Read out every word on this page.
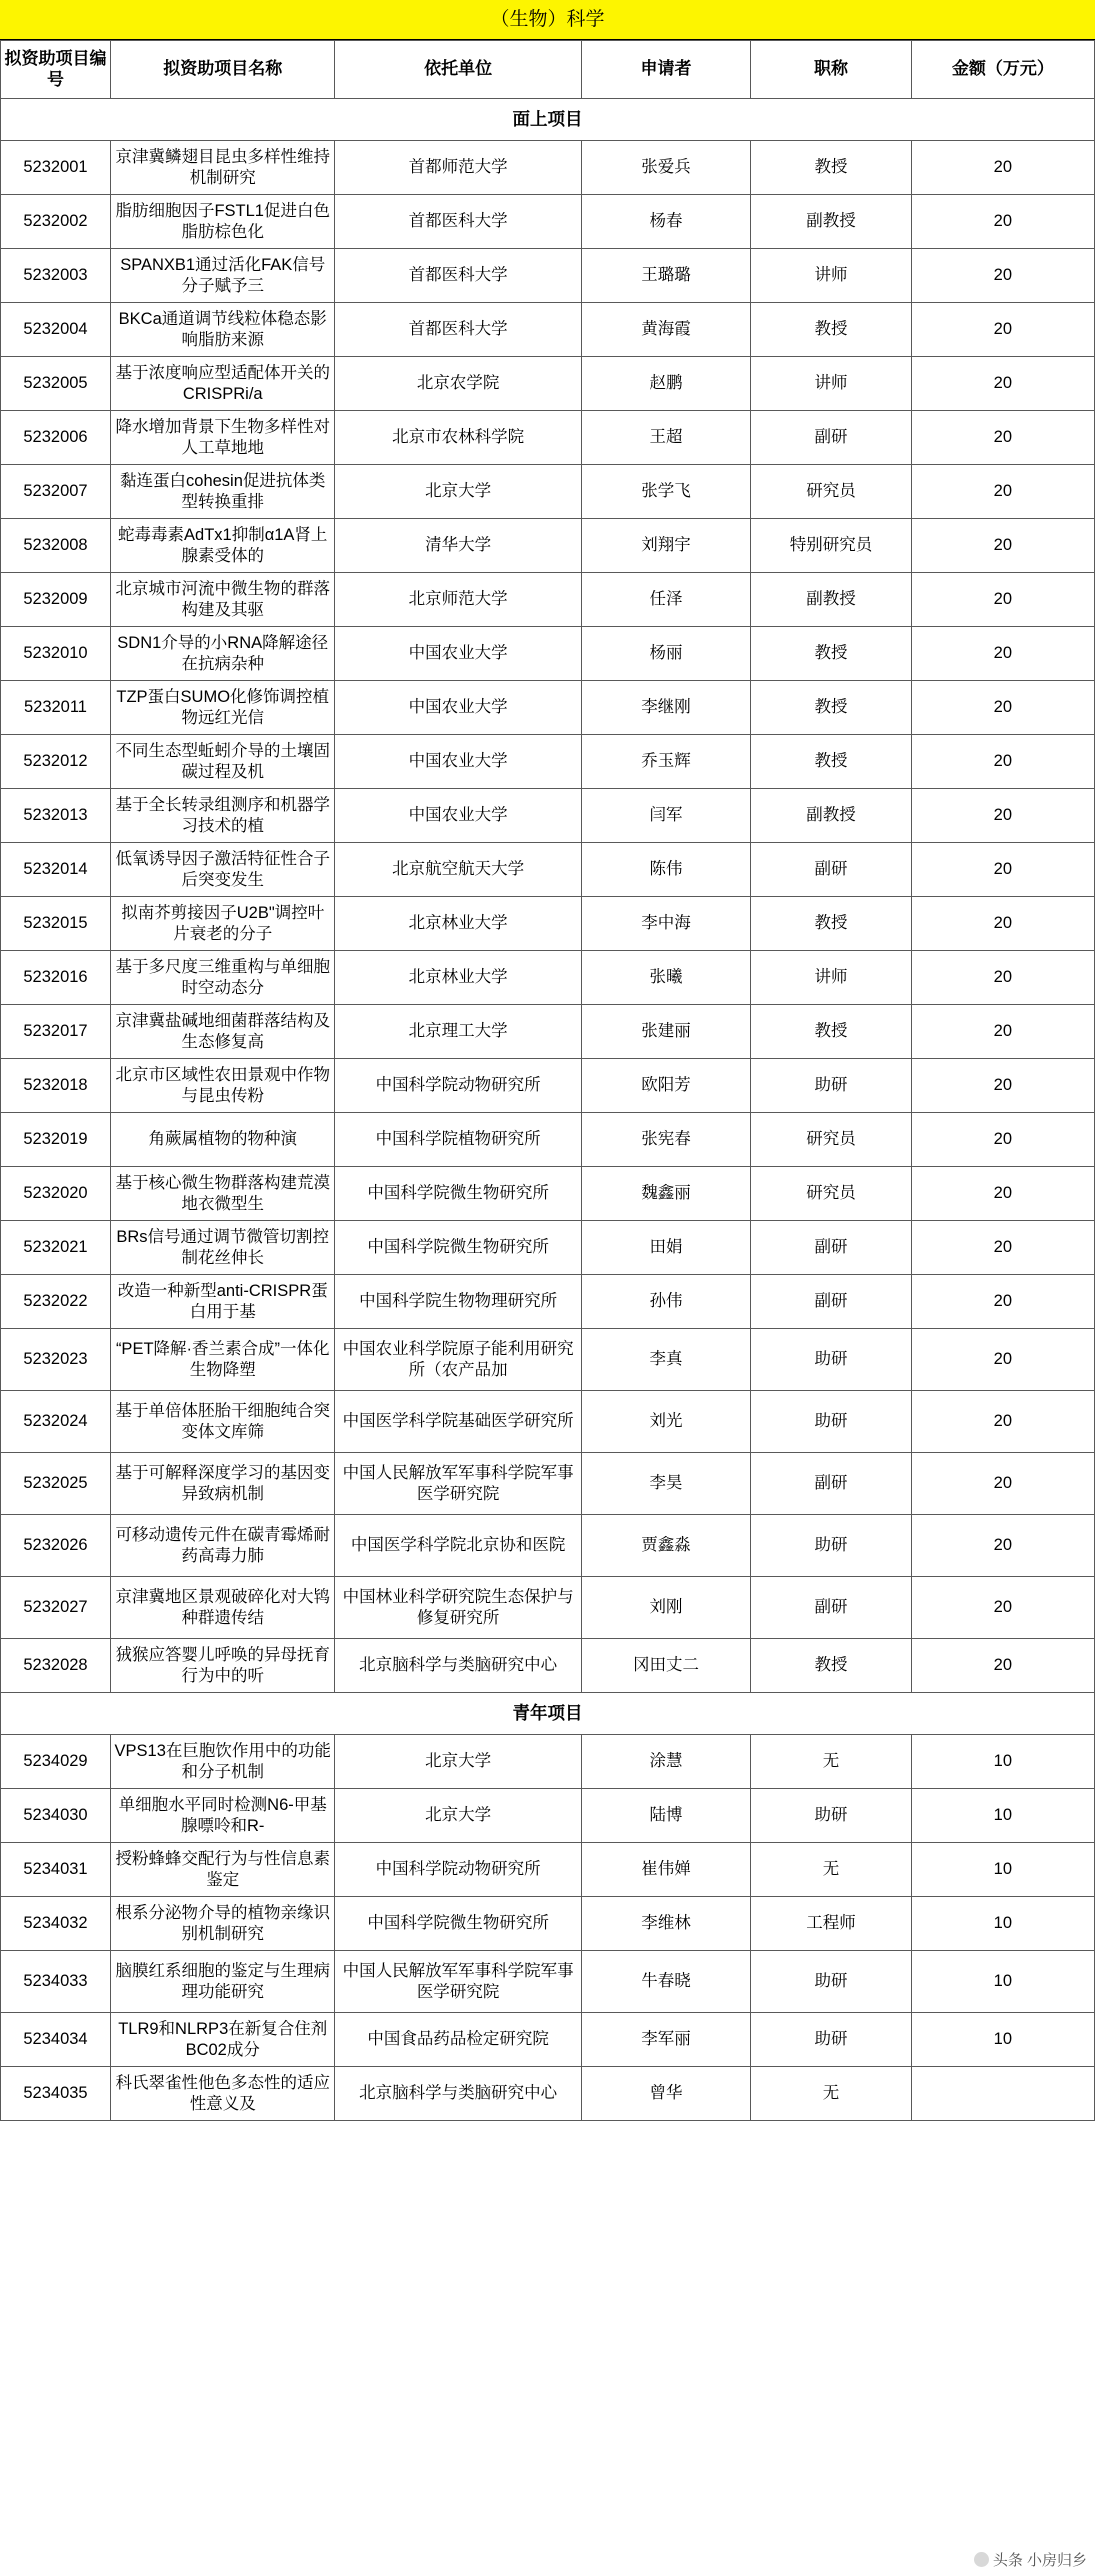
（生物）科学
拟资助项目编号	拟资助项目名称	依托单位	申请者	职称	金额（万元）
面上项目					
5232001	京津冀鳞翅目昆虫多样性维持机制研究	首都师范大学	张爱兵	教授	20
5232002	脂肪细胞因子FSTL1促进白色脂肪棕色化	首都医科大学	杨春	副教授	20
5232003	SPANXB1通过活化FAK信号分子赋予三	首都医科大学	王璐璐	讲师	20
5232004	BKCa通道调节线粒体稳态影响脂肪来源	首都医科大学	黄海霞	教授	20
5232005	基于浓度响应型适配体开关的CRISPRi/a	北京农学院	赵鹏	讲师	20
5232006	降水增加背景下生物多样性对人工草地地	北京市农林科学院	王超	副研	20
5232007	黏连蛋白cohesin促进抗体类型转换重排	北京大学	张学飞	研究员	20
5232008	蛇毒毒素AdTx1抑制α1A肾上腺素受体的	清华大学	刘翔宇	特别研究员	20
5232009	北京城市河流中微生物的群落构建及其驱	北京师范大学	任泽	副教授	20
5232010	SDN1介导的小RNA降解途径在抗病杂种	中国农业大学	杨丽	教授	20
5232011	TZP蛋白SUMO化修饰调控植物远红光信	中国农业大学	李继刚	教授	20
5232012	不同生态型蚯蚓介导的土壤固碳过程及机	中国农业大学	乔玉辉	教授	20
5232013	基于全长转录组测序和机器学习技术的植	中国农业大学	闫军	副教授	20
5232014	低氧诱导因子激活特征性合子后突变发生	北京航空航天大学	陈伟	副研	20
5232015	拟南芥剪接因子U2B"调控叶片衰老的分子	北京林业大学	李中海	教授	20
5232016	基于多尺度三维重构与单细胞时空动态分	北京林业大学	张曦	讲师	20
5232017	京津冀盐碱地细菌群落结构及生态修复高	北京理工大学	张建丽	教授	20
5232018	北京市区域性农田景观中作物与昆虫传粉	中国科学院动物研究所	欧阳芳	助研	20
5232019	角蕨属植物的物种演	中国科学院植物研究所	张宪春	研究员	20
5232020	基于核心微生物群落构建荒漠地衣微型生	中国科学院微生物研究所	魏鑫丽	研究员	20
5232021	BRs信号通过调节微管切割控制花丝伸长	中国科学院微生物研究所	田娟	副研	20
5232022	改造一种新型anti-CRISPR蛋白用于基	中国科学院生物物理研究所	孙伟	副研	20
5232023	“PET降解·香兰素合成”一体化生物降塑	中国农业科学院原子能利用研究所（农产品加	李真	助研	20
5232024	基于单倍体胚胎干细胞纯合突变体文库筛	中国医学科学院基础医学研究所	刘光	助研	20
5232025	基于可解释深度学习的基因变异致病机制	中国人民解放军军事科学院军事医学研究院	李昊	副研	20
5232026	可移动遗传元件在碳青霉烯耐药高毒力肺	中国医学科学院北京协和医院	贾鑫淼	助研	20
5232027	京津冀地区景观破碎化对大鸨种群遗传结	中国林业科学研究院生态保护与修复研究所	刘刚	副研	20
5232028	狨猴应答婴儿呼唤的异母抚育行为中的听	北京脑科学与类脑研究中心	冈田丈二	教授	20
青年项目					
5234029	VPS13在巨胞饮作用中的功能和分子机制	北京大学	涂慧	无	10
5234030	单细胞水平同时检测N6-甲基腺嘌呤和R-	北京大学	陆博	助研	10
5234031	授粉蜂蜂交配行为与性信息素鉴定	中国科学院动物研究所	崔伟婵	无	10
5234032	根系分泌物介导的植物亲缘识别机制研究	中国科学院微生物研究所	李维林	工程师	10
5234033	脑膜红系细胞的鉴定与生理病理功能研究	中国人民解放军军事科学院军事医学研究院	牛春晓	助研	10
5234034	TLR9和NLRP3在新复合住剂BC02成分	中国食品药品检定研究院	李军丽	助研	10
5234035	科氏翠雀性他色多态性的适应性意义及	北京脑科学与类脑研究中心	曾华	无	
头条 小房归乡
